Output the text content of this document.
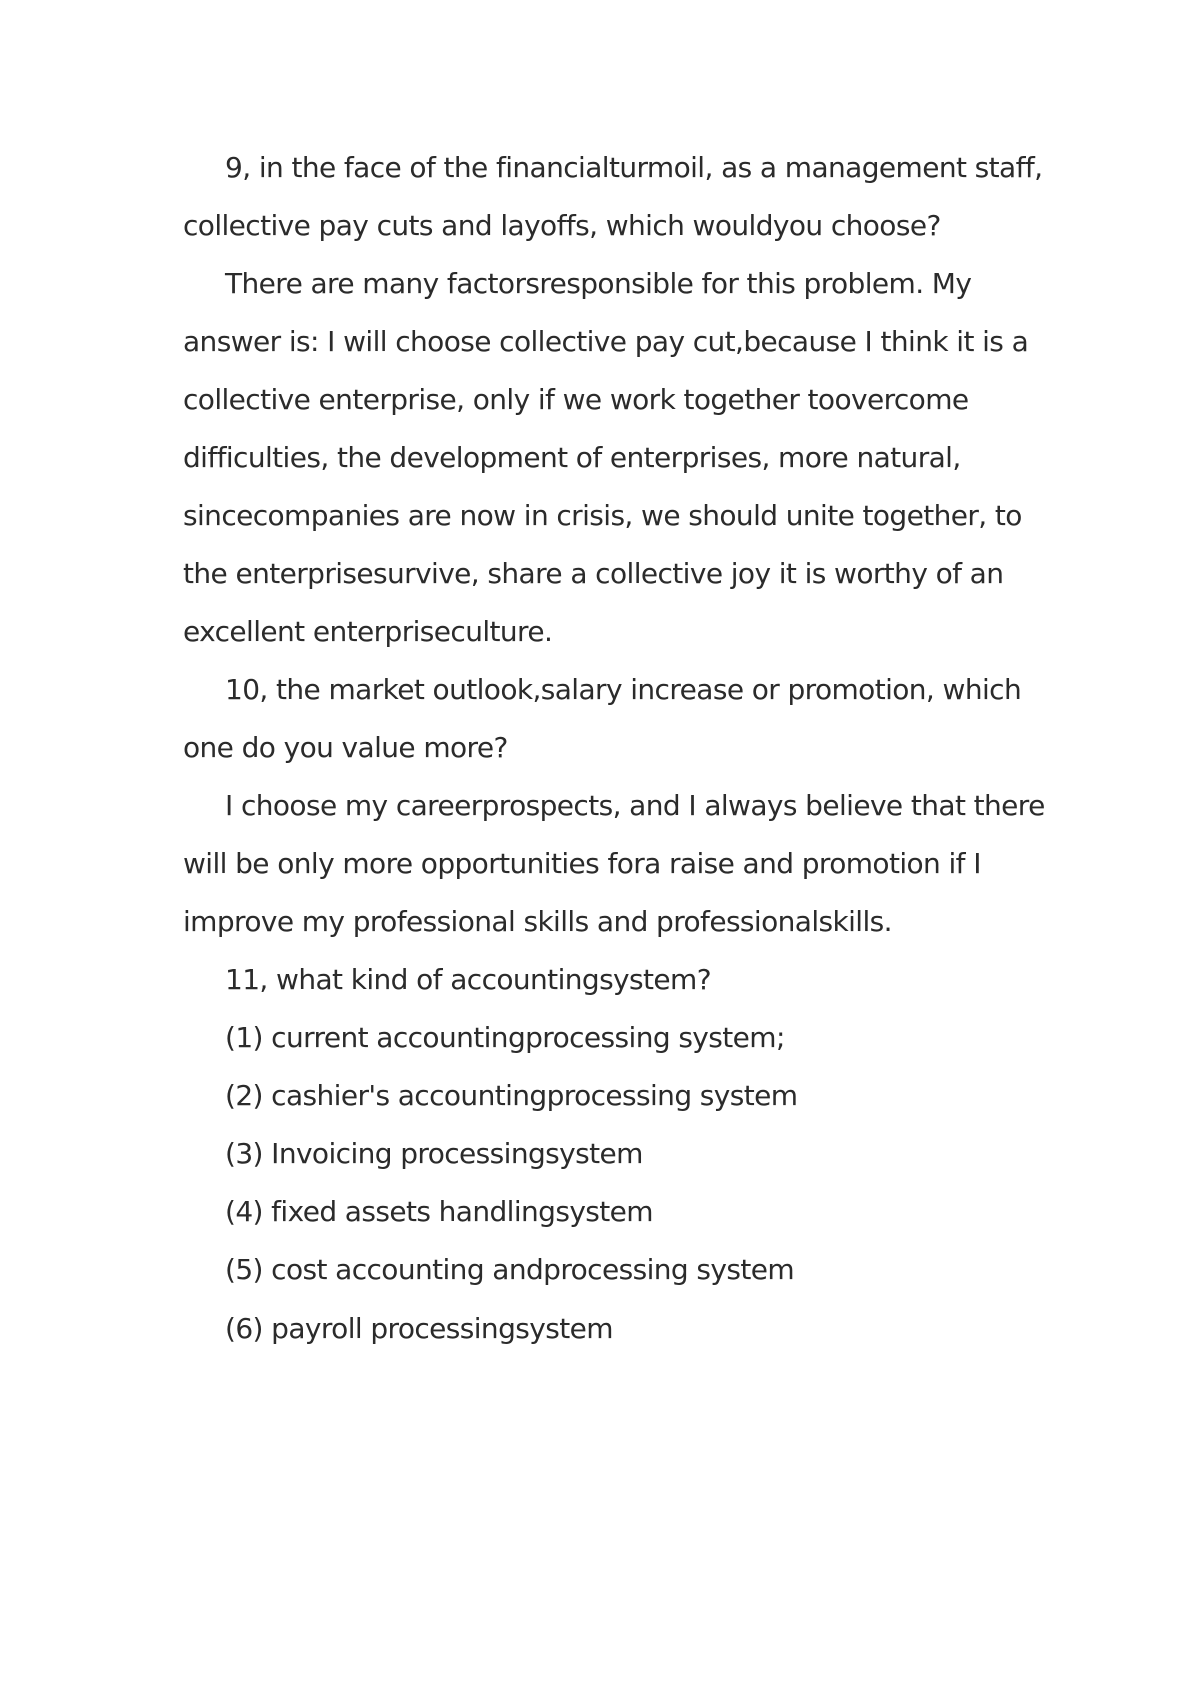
9, in the face of the financialturmoil, as a management staff,
collective pay cuts and layoffs, which wouldyou choose?
There are many factorsresponsible for this problem. My
answer is: I will choose collective pay cut,because I think it is a
collective enterprise, only if we work together toovercome
difficulties, the development of enterprises, more natural,
sincecompanies are now in crisis, we should unite together, to
the enterprisesurvive, share a collective joy it is worthy of an
excellent enterpriseculture.
10, the market outlook,salary increase or promotion, which
one do you value more?
I choose my careerprospects, and I always believe that there
will be only more opportunities fora raise and promotion if I
improve my professional skills and professionalskills.
11, what kind of accountingsystem?
(1) current accountingprocessing system;
(2) cashier's accountingprocessing system
(3) Invoicing processingsystem
(4) fixed assets handlingsystem
(5) cost accounting andprocessing system
(6) payroll processingsystem
